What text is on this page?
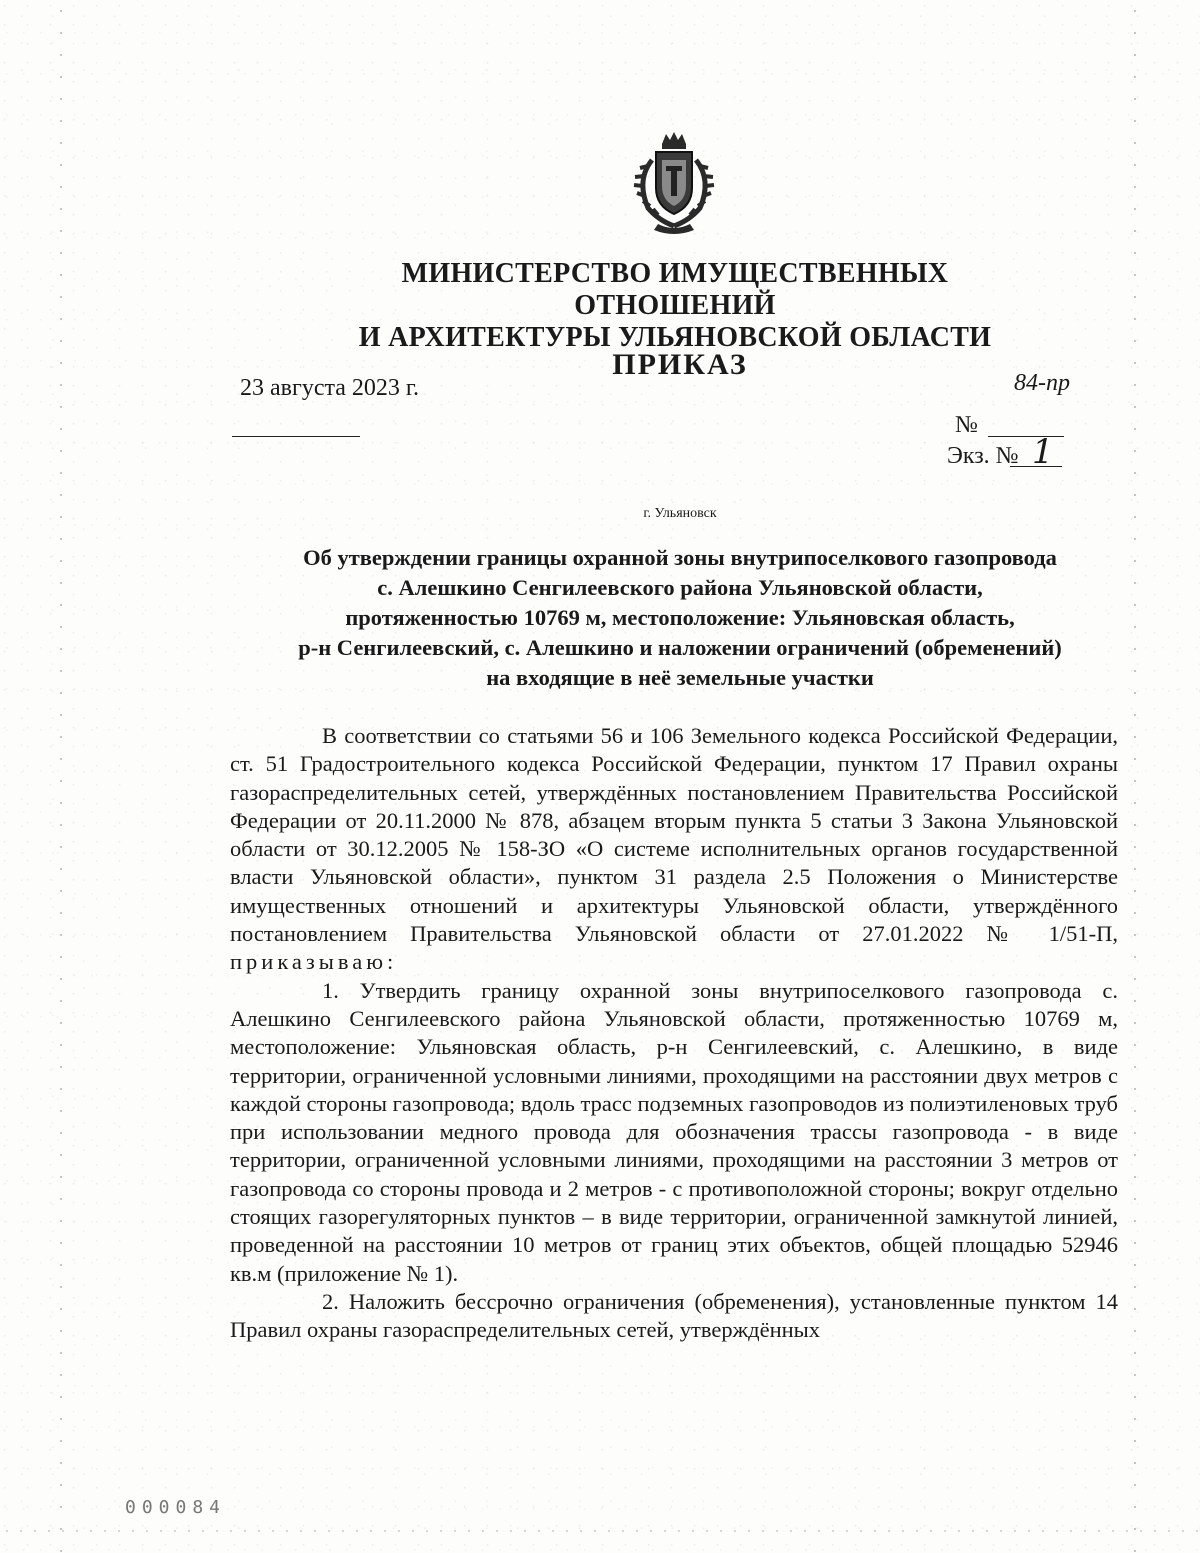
МИНИСТЕРСТВО ИМУЩЕСТВЕННЫХ ОТНОШЕНИЙ
И АРХИТЕКТУРЫ УЛЬЯНОВСКОЙ ОБЛАСТИ
ПРИКАЗ
23 августа 2023 г.	84-пр
№
Экз. № 1
г. Ульяновск
Об утверждении границы охранной зоны внутрипоселкового газопровода
с. Алешкино Сенгилеевского района Ульяновской области,
протяженностью 10769 м, местоположение: Ульяновская область,
р-н Сенгилеевский, с. Алешкино и наложении ограничений (обременений)
на входящие в неё земельные участки

В соответствии со статьями 56 и 106 Земельного кодекса Российской Федерации, ст. 51 Градостроительного кодекса Российской Федерации, пунктом 17 Правил охраны газораспределительных сетей, утверждённых постановлением Правительства Российской Федерации от 20.11.2000 № 878, абзацем вторым пункта 5 статьи 3 Закона Ульяновской области от 30.12.2005 № 158-ЗО «О системе исполнительных органов государственной власти Ульяновской области», пунктом 31 раздела 2.5 Положения о Министерстве имущественных отношений и архитектуры Ульяновской области, утверждённого постановлением Правительства Ульяновской области от 27.01.2022 № 1/51-П, приказываю:

1. Утвердить границу охранной зоны внутрипоселкового газопровода с. Алешкино Сенгилеевского района Ульяновской области, протяженностью 10769 м, местоположение: Ульяновская область, р-н Сенгилеевский, с. Алешкино, в виде территории, ограниченной условными линиями, проходящими на расстоянии двух метров с каждой стороны газопровода; вдоль трасс подземных газопроводов из полиэтиленовых труб при использовании медного провода для обозначения трассы газопровода - в виде территории, ограниченной условными линиями, проходящими на расстоянии 3 метров от газопровода со стороны провода и 2 метров - с противоположной стороны; вокруг отдельно стоящих газорегуляторных пунктов – в виде территории, ограниченной замкнутой линией, проведенной на расстоянии 10 метров от границ этих объектов, общей площадью 52946 кв.м (приложение № 1).

2. Наложить бессрочно ограничения (обременения), установленные пунктом 14 Правил охраны газораспределительных сетей, утверждённых

000084
